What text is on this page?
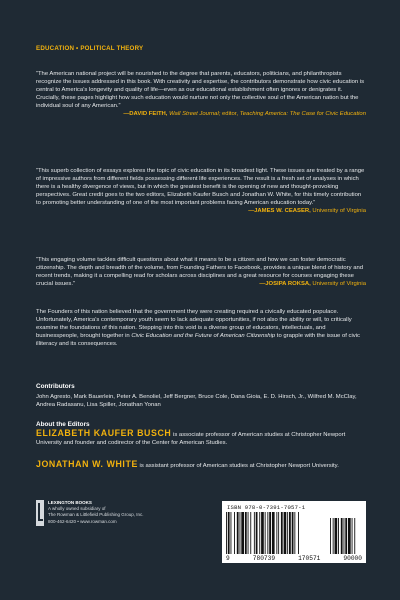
EDUCATION • POLITICAL THEORY
“The American national project will be nourished to the degree that parents, educators, politicians, and philanthropists recognize the issues addressed in this book. With creativity and expertise, the contributors demonstrate how civic education is central to America’s longevity and quality of life—even as our educational establishment often ignores or denigrates it. Crucially, these pages highlight how such education would nurture not only the collective soul of the American nation but the individual soul of any American.”
—DAVID FEITH, Wall Street Journal; editor, Teaching America: The Case for Civic Education
“This superb collection of essays explores the topic of civic education in its broadest light. These issues are treated by a range of impressive authors from different fields possessing different life experiences. The result is a fresh set of analyses in which there is a healthy divergence of views, but in which the greatest benefit is the opening of new and thought-provoking perspectives. Great credit goes to the two editors, Elizabeth Kaufer Busch and Jonathan W. White, for this timely contribution to promoting better understanding of one of the most important problems facing American education today.”
—JAMES W. CEASER, University of Virginia
“This engaging volume tackles difficult questions about what it means to be a citizen and how we can foster democratic citizenship. The depth and breadth of the volume, from Founding Fathers to Facebook, provides a unique blend of history and recent trends, making it a compelling read for scholars across disciplines and a great resource for courses engaging these crucial issues.”	—JOSIPA ROKSA, University of Virginia
The Founders of this nation believed that the government they were creating required a civically educated populace. Unfortunately, America’s contemporary youth seem to lack adequate opportunities, if not also the ability or will, to critically examine the foundations of this nation. Stepping into this void is a diverse group of educators, intellectuals, and businesspeople, brought together in Civic Education and the Future of American Citizenship to grapple with the issue of civic illiteracy and its consequences.
Contributors
John Agresto, Mark Bauerlein, Peter A. Benoliel, Jeff Bergner, Bruce Cole, Dana Gioia, E. D. Hirsch, Jr., Wilfred M. McClay, Andrea Radasanu, Lisa Spiller, Jonathan Yonan
About the Editors
ELIZABETH KAUFER BUSCH is associate professor of American studies at Christopher Newport University and founder and codirector of the Center for American Studies.
JONATHAN W. WHITE is assistant professor of American studies at Christopher Newport University.
LEXINGTON BOOKS
A wholly owned subsidiary of
The Rowman & Littlefield Publishing Group, Inc.
800-462-6420 • www.rowman.com
ISBN 978-0-7391-7057-1
9	780739	170571	90000
